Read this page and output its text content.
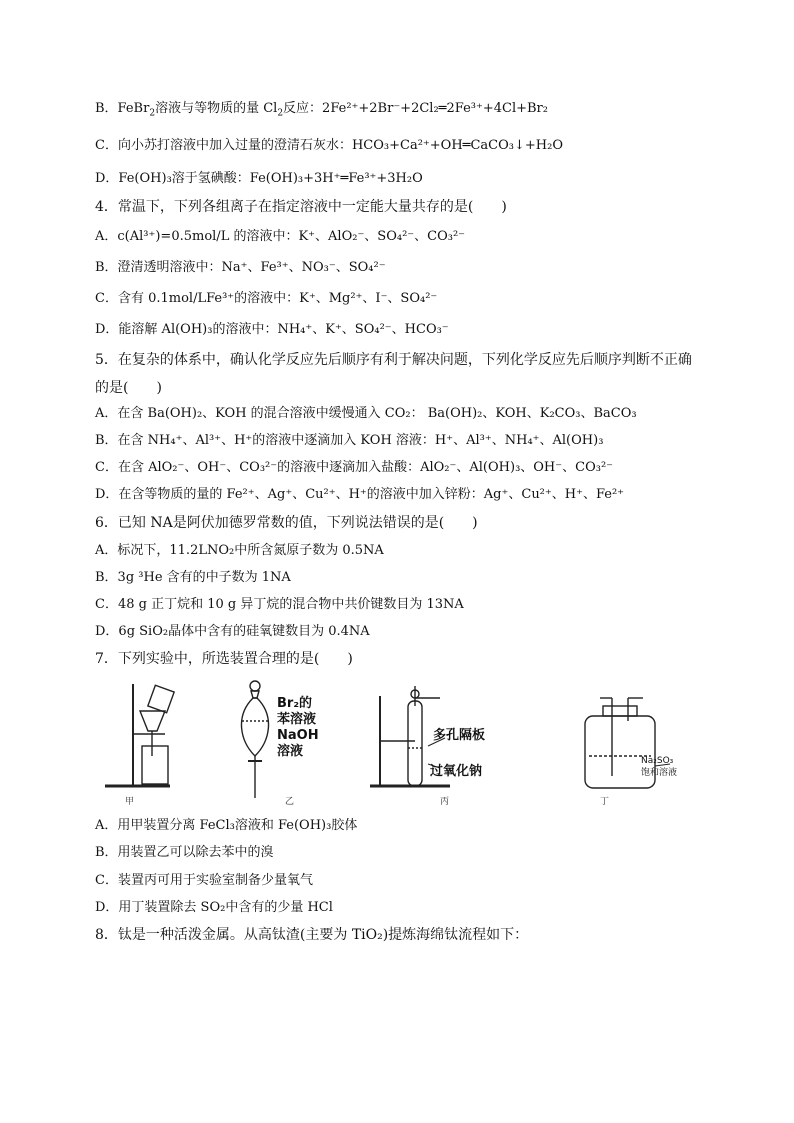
B．FeBr$_2$溶液与等物质的量 $Cl_2$反应：2Fe²⁺+2Br⁻+2Cl₂═2Fe³⁺+4Cl+Br₂
C．向小苏打溶液中加入过量的澄清石灰水：HCO₃+Ca²⁺+OH═CaCO₃↓+H₂O
D．Fe(OH)₃溶于氢碘酸：Fe(OH)₃+3H⁺═Fe³⁺+3H₂O
4．常温下，下列各组离子在指定溶液中一定能大量共存的是(　　)
A．c(Al³⁺)=0.5mol/L 的溶液中：K⁺、AlO₂⁻、SO₄²⁻、CO₃²⁻
B．澄清透明溶液中：Na⁺、Fe³⁺、NO₃⁻、SO₄²⁻
C．含有 0.1mol/LFe³⁺的溶液中：K⁺、Mg²⁺、I⁻、SO₄²⁻
D．能溶解 Al(OH)₃的溶液中：NH₄⁺、K⁺、SO₄²⁻、HCO₃⁻
5．在复杂的体系中，确认化学反应先后顺序有利于解决问题，下列化学反应先后顺序判断不正确
的是(　　)
A．在含 Ba(OH)₂、KOH 的混合溶液中缓慢通入 CO₂： Ba(OH)₂、KOH、K₂CO₃、BaCO₃
B．在含 NH₄⁺、Al³⁺、H⁺的溶液中逐滴加入 KOH 溶液：H⁺、Al³⁺、NH₄⁺、Al(OH)₃
C．在含 AlO₂⁻、OH⁻、CO₃²⁻的溶液中逐滴加入盐酸：AlO₂⁻、Al(OH)₃、OH⁻、CO₃²⁻
D．在含等物质的量的 Fe²⁺、Ag⁺、Cu²⁺、H⁺的溶液中加入锌粉：Ag⁺、Cu²⁺、H⁺、Fe²⁺
6．已知 NA是阿伏加德罗常数的值，下列说法错误的是(　　)
A．标况下，11.2LNO₂中所含氮原子数为 0.5NA
B．3g ³He 含有的中子数为 1NA
C．48 g 正丁烷和 10 g 异丁烷的混合物中共价键数目为 13NA
D．6g SiO₂晶体中含有的硅氧键数目为 0.4NA
7．下列实验中，所选装置合理的是(　　)
Br₂的
苯溶液
NaOH
溶液
多孔隔板
过氧化钠
Na₂SO₃
饱和溶液
甲	乙	丙	丁
A．用甲装置分离 FeCl₃溶液和 Fe(OH)₃胶体
B．用装置乙可以除去苯中的溴
C．装置丙可用于实验室制备少量氧气
D．用丁装置除去 SO₂中含有的少量 HCl
8．钛是一种活泼金属。从高钛渣(主要为 TiO₂)提炼海绵钛流程如下：
